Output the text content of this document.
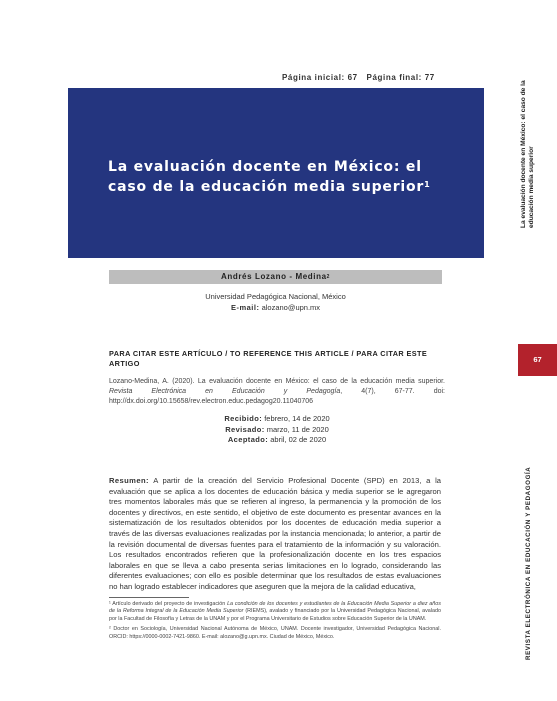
Página inicial: 67 Página final: 77
La evaluación docente en México: el caso de la educación media superior$^1$
Andrés Lozano - Medina$^2$
Universidad Pedagógica Nacional, México
E-mail: alozano@upn.mx
PARA CITAR ESTE ARTÍCULO / TO REFERENCE THIS ARTICLE / PARA CITAR ESTE ARTIGO
Lozano-Medina, A. (2020). La evaluación docente en México: el caso de la educación media superior. Revista Electrónica en Educación y Pedagogía, 4(7), 67-77. doi: http://dx.doi.org/10.15658/rev.electron.educ.pedagog20.11040706
Recibido: febrero, 14 de 2020
Revisado: marzo, 11 de 2020
Aceptado: abril, 02 de 2020
Resumen: A partir de la creación del Servicio Profesional Docente (SPD) en 2013, a la evaluación que se aplica a los docentes de educación básica y media superior se le agregaron tres momentos laborales más que se refieren al ingreso, la permanencia y la promoción de los docentes y directivos, en este sentido, el objetivo de este documento es presentar avances en la sistematización de los resultados obtenidos por los docentes de educación media superior a través de las diversas evaluaciones realizadas por la instancia mencionada; lo anterior, a partir de la revisión documental de diversas fuentes para el tratamiento de la información y su valoración. Los resultados encontrados refieren que la profesionalización docente en los tres espacios laborales en que se lleva a cabo presenta serias limitaciones en lo logrado, considerando las diferentes evaluaciones; con ello es posible determinar que los resultados de estas evaluaciones no han logrado establecer indicadores que aseguren que la mejora de la calidad educativa,

¹ Artículo derivado del proyecto de investigación La condición de los docentes y estudiantes de la Educación Media Superior a diez años de la Reforma Integral de la Educación Media Superior (RIEMS), avalado y financiado por la Universidad Pedagógica Nacional, avalado por la Facultad de Filosofía y Letras de la UNAM y por el Programa Universitario de Estudios sobre Educación Superior de la UNAM.

² Doctor en Sociología, Universidad Nacional Autónoma de México, UNAM. Docente investigador, Universidad Pedagógica Nacional. ORCID: https://0000-0002-7421-9860. E-mail: alozano@g.upn.mx. Ciudad de México, México.

La evaluación docente en México: el caso de la educación media superior
67
REVISTA ELECTRÓNICA EN EDUCACIÓN Y PEDAGOGÍA
